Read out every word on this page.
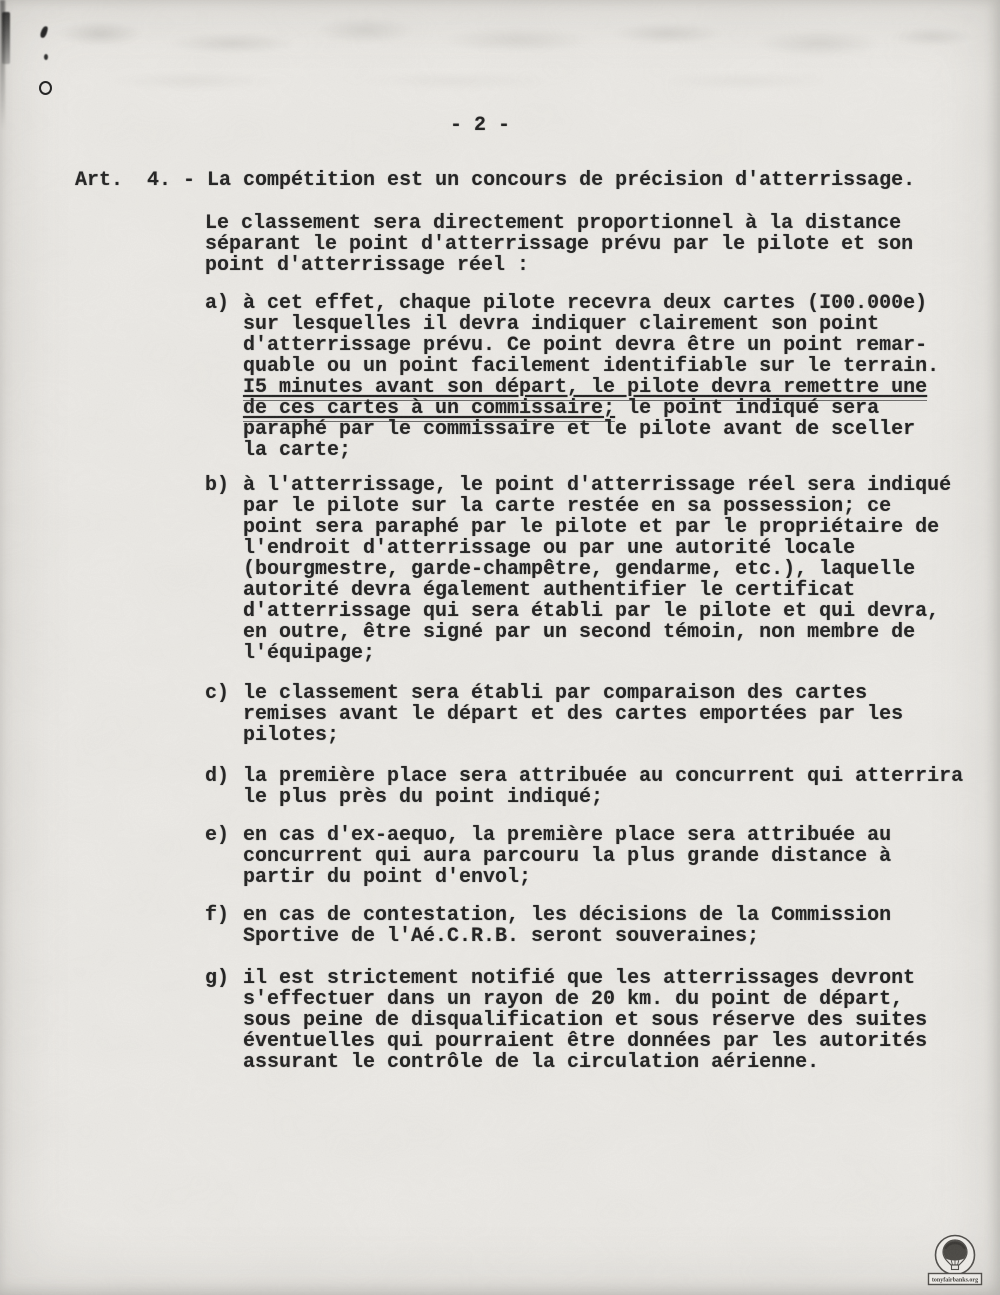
- 2 -
Art.  4. - La compétition est un concours de précision d'atterrissage.
Le classement sera directement proportionnel à la distance
séparant le point d'atterrissage prévu par le pilote et son
point d'atterrissage réel :
a) à cet effet, chaque pilote recevra deux cartes (I00.000e)
sur lesquelles il devra indiquer clairement son point
d'atterrissage prévu. Ce point devra être un point remar-
quable ou un point facilement identifiable sur le terrain.
I5 minutes avant son départ, le pilote devra remettre une
de ces cartes à un commissaire; le point indiqué sera
paraphé par le commissaire et le pilote avant de sceller
la carte;
b) à l'atterrissage, le point d'atterrissage réel sera indiqué
par le pilote sur la carte restée en sa possession; ce
point sera paraphé par le pilote et par le propriétaire de
l'endroit d'atterrissage ou par une autorité locale
(bourgmestre, garde-champêtre, gendarme, etc.), laquelle
autorité devra également authentifier le certificat
d'atterrissage qui sera établi par le pilote et qui devra,
en outre, être signé par un second témoin, non membre de
l'équipage;
c) le classement sera établi par comparaison des cartes
remises avant le départ et des cartes emportées par les
pilotes;
d) la première place sera attribuée au concurrent qui atterrira
le plus près du point indiqué;
e) en cas d'ex-aequo, la première place sera attribuée au
concurrent qui aura parcouru la plus grande distance à
partir du point d'envol;
f) en cas de contestation, les décisions de la Commission
Sportive de l'Aé.C.R.B. seront souveraines;
g) il est strictement notifié que les atterrissages devront
s'effectuer dans un rayon de 20 km. du point de départ,
sous peine de disqualification et sous réserve des suites
éventuelles qui pourraient être données par les autorités
assurant le contrôle de la circulation aérienne.
tonyfairbanks.org
